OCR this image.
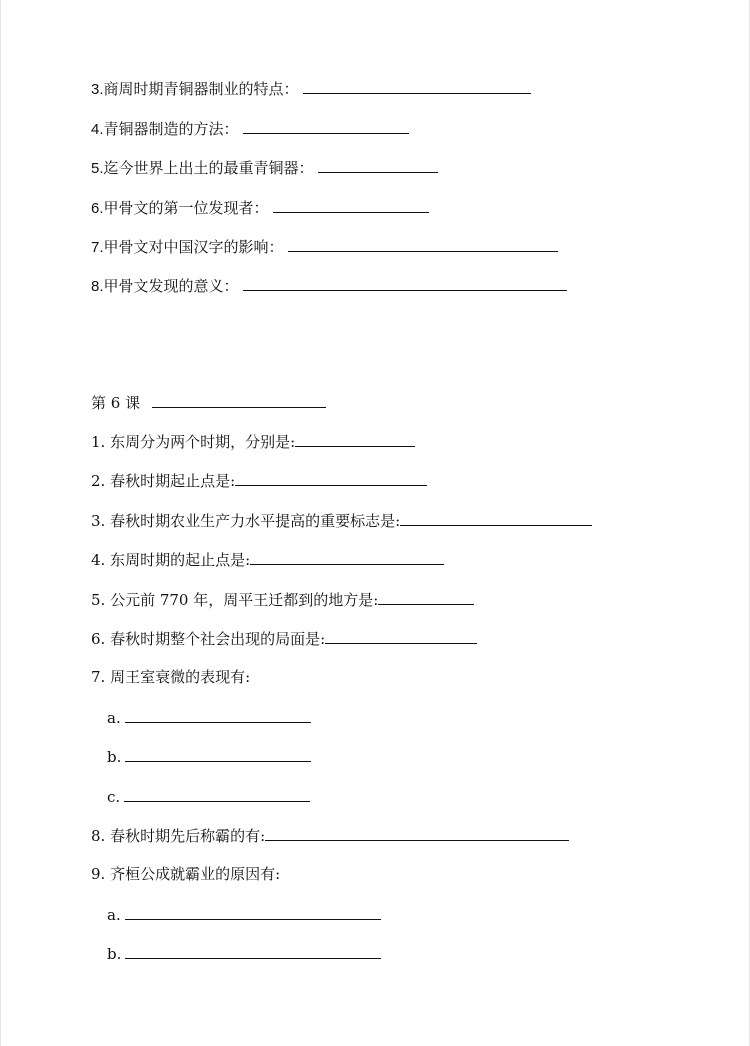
3.商周时期青铜器制业的特点：
4.青铜器制造的方法：
5.迄今世界上出土的最重青铜器：
6.甲骨文的第一位发现者：
7.甲骨文对中国汉字的影响：
8.甲骨文发现的意义：
第 6 课
1. 东周分为两个时期，分别是:
2. 春秋时期起止点是:
3. 春秋时期农业生产力水平提高的重要标志是:
4. 东周时期的起止点是:
5. 公元前 770 年，周平王迁都到的地方是:
6. 春秋时期整个社会出现的局面是:
7. 周王室衰微的表现有:
a.
b.
c.
8. 春秋时期先后称霸的有:
9. 齐桓公成就霸业的原因有:
a.
b.
